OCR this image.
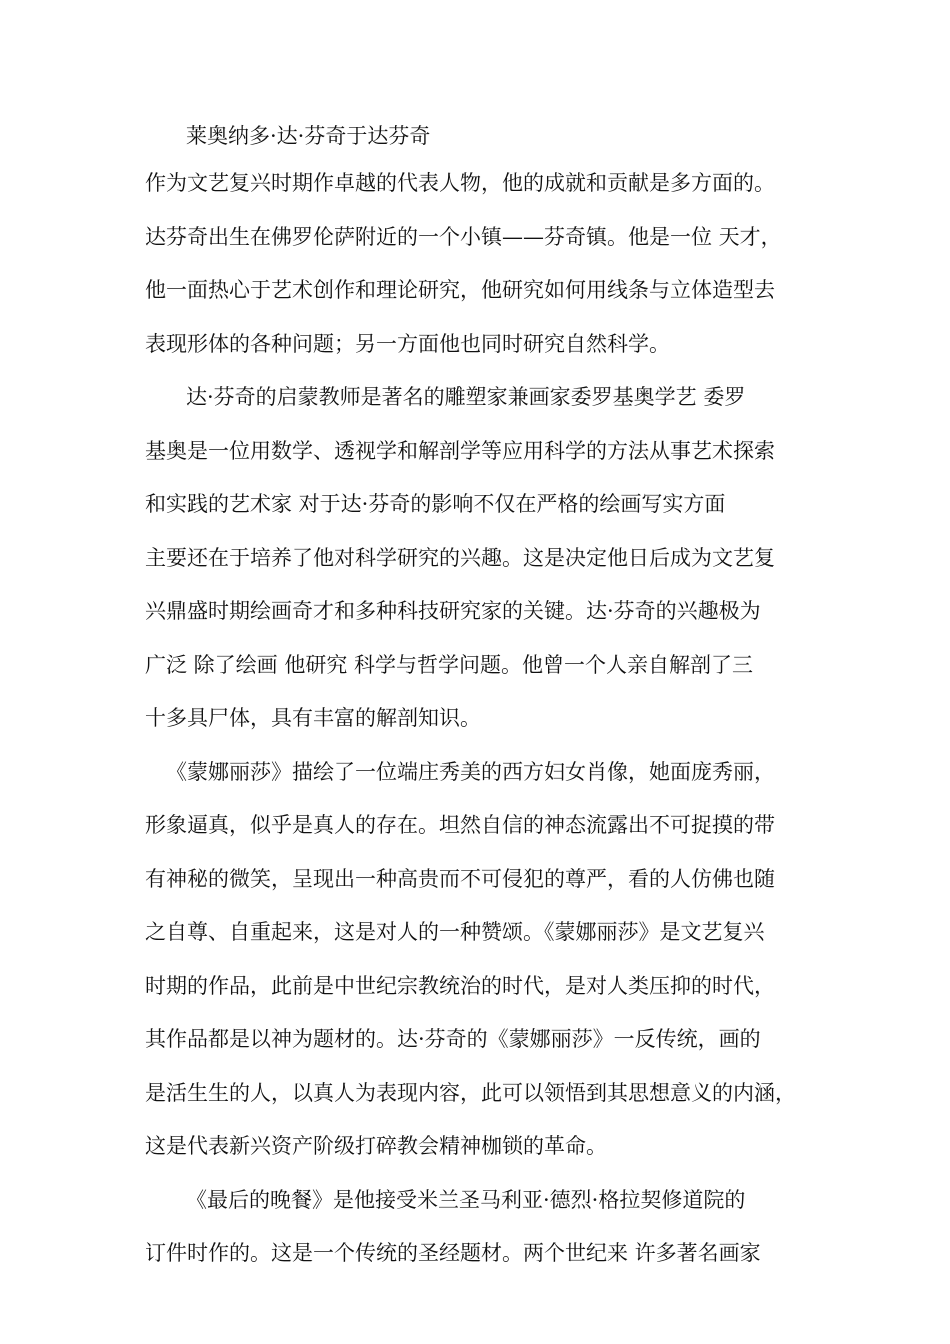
莱奥纳多·达·芬奇于达芬奇
作为文艺复兴时期作卓越的代表人物，他的成就和贡献是多方面的。
达芬奇出生在佛罗伦萨附近的一个小镇——芬奇镇。他是一位 天才，
他一面热心于艺术创作和理论研究，他研究如何用线条与立体造型去
表现形体的各种问题；另一方面他也同时研究自然科学。
达·芬奇的启蒙教师是著名的雕塑家兼画家委罗基奥学艺 委罗
基奥是一位用数学、透视学和解剖学等应用科学的方法从事艺术探索
和实践的艺术家 对于达·芬奇的影响不仅在严格的绘画写实方面
主要还在于培养了他对科学研究的兴趣。这是决定他日后成为文艺复
兴鼎盛时期绘画奇才和多种科技研究家的关键。达·芬奇的兴趣极为
广泛 除了绘画 他研究 科学与哲学问题。他曾一个人亲自解剖了三
十多具尸体，具有丰富的解剖知识。
《蒙娜丽莎》描绘了一位端庄秀美的西方妇女肖像，她面庞秀丽，
形象逼真，似乎是真人的存在。坦然自信的神态流露出不可捉摸的带
有神秘的微笑，呈现出一种高贵而不可侵犯的尊严，看的人仿佛也随
之自尊、自重起来，这是对人的一种赞颂。《蒙娜丽莎》是文艺复兴
时期的作品，此前是中世纪宗教统治的时代，是对人类压抑的时代，
其作品都是以神为题材的。达·芬奇的《蒙娜丽莎》一反传统，画的
是活生生的人，以真人为表现内容，此可以领悟到其思想意义的内涵，
这是代表新兴资产阶级打碎教会精神枷锁的革命。
《最后的晚餐》是他接受米兰圣马利亚·德烈·格拉契修道院的
订件时作的。这是一个传统的圣经题材。两个世纪来 许多著名画家
